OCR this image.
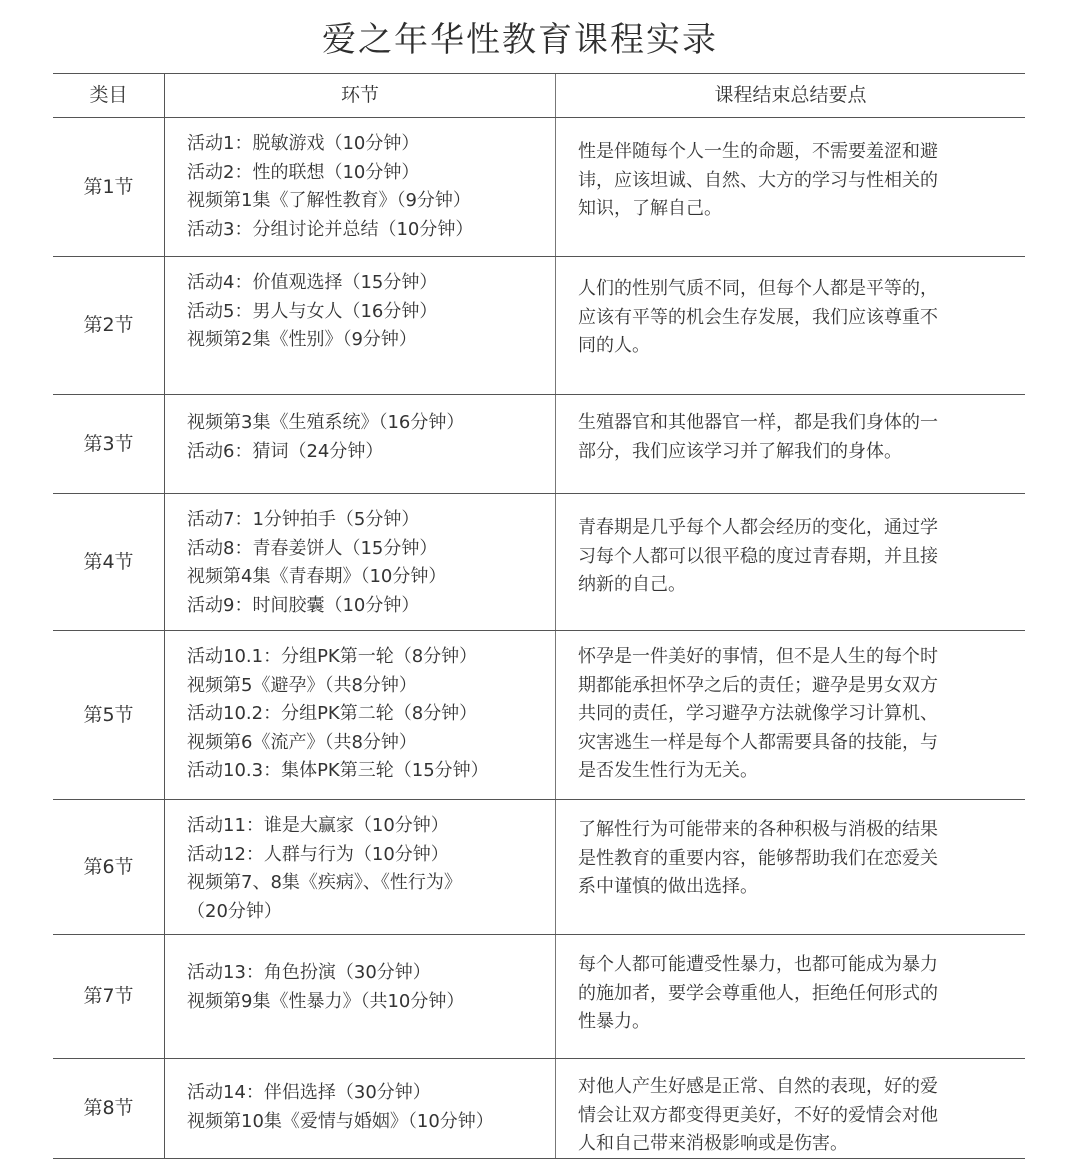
爱之年华性教育课程实录
类目	环节	课程结束总结要点
第1节
活动1：脱敏游戏（10分钟）
活动2：性的联想（10分钟）
视频第1集《了解性教育》（9分钟）
活动3：分组讨论并总结（10分钟）
性是伴随每个人一生的命题，不需要羞涩和避
讳，应该坦诚、自然、大方的学习与性相关的
知识，了解自己。
第2节
活动4：价值观选择（15分钟）
活动5：男人与女人（16分钟）
视频第2集《性别》（9分钟）
人们的性别气质不同，但每个人都是平等的，
应该有平等的机会生存发展，我们应该尊重不
同的人。
第3节
视频第3集《生殖系统》（16分钟）
活动6：猜词（24分钟）
生殖器官和其他器官一样，都是我们身体的一
部分，我们应该学习并了解我们的身体。
第4节
活动7：1分钟拍手（5分钟）
活动8：青春姜饼人（15分钟）
视频第4集《青春期》（10分钟）
活动9：时间胶囊（10分钟）
青春期是几乎每个人都会经历的变化，通过学
习每个人都可以很平稳的度过青春期，并且接
纳新的自己。
第5节
活动10.1：分组PK第一轮（8分钟）
视频第5《避孕》（共8分钟）
活动10.2：分组PK第二轮（8分钟）
视频第6《流产》（共8分钟）
活动10.3：集体PK第三轮（15分钟）
怀孕是一件美好的事情，但不是人生的每个时
期都能承担怀孕之后的责任；避孕是男女双方
共同的责任，学习避孕方法就像学习计算机、
灾害逃生一样是每个人都需要具备的技能，与
是否发生性行为无关。
第6节
活动11：谁是大赢家（10分钟）
活动12：人群与行为（10分钟）
视频第7、8集《疾病》、《性行为》
（20分钟）
了解性行为可能带来的各种积极与消极的结果
是性教育的重要内容，能够帮助我们在恋爱关
系中谨慎的做出选择。
第7节
活动13：角色扮演（30分钟）
视频第9集《性暴力》（共10分钟）
每个人都可能遭受性暴力，也都可能成为暴力
的施加者，要学会尊重他人，拒绝任何形式的
性暴力。
第8节
活动14：伴侣选择（30分钟）
视频第10集《爱情与婚姻》（10分钟）
对他人产生好感是正常、自然的表现，好的爱
情会让双方都变得更美好，不好的爱情会对他
人和自己带来消极影响或是伤害。
